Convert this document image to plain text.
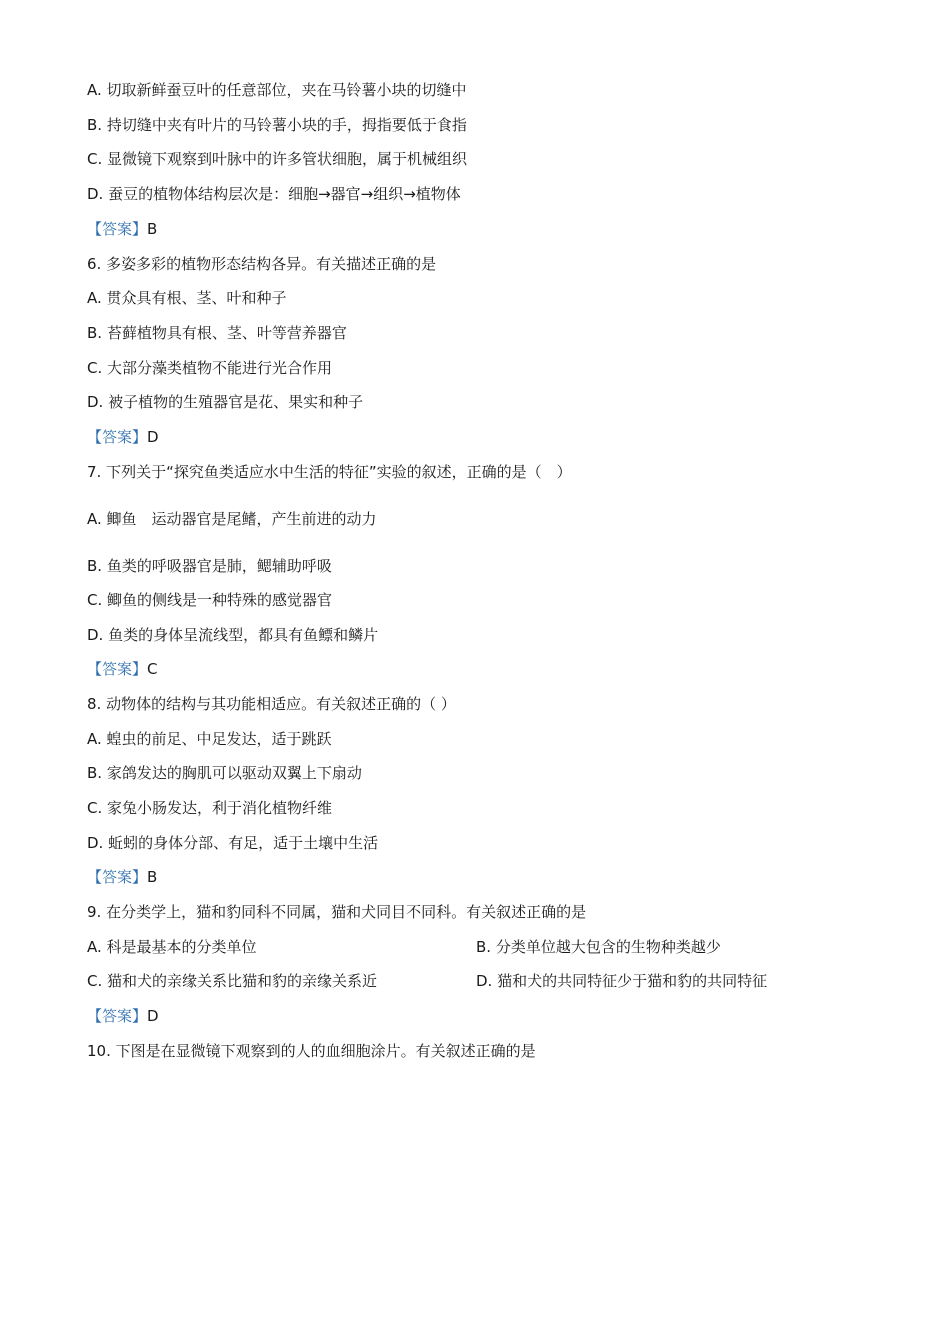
A. 切取新鲜蚕豆叶的任意部位，夹在马铃薯小块的切缝中
B. 持切缝中夹有叶片的马铃薯小块的手，拇指要低于食指
C. 显微镜下观察到叶脉中的许多管状细胞，属于机械组织
D. 蚕豆的植物体结构层次是：细胞→器官→组织→植物体
【答案】B
6. 多姿多彩的植物形态结构各异。有关描述正确的是
A. 贯众具有根、茎、叶和种子
B. 苔藓植物具有根、茎、叶等营养器官
C. 大部分藻类植物不能进行光合作用
D. 被子植物的生殖器官是花、果实和种子
【答案】D
7. 下列关于“探究鱼类适应水中生活的特征”实验的叙述，正确的是（　）
A. 鲫鱼　运动器官是尾鳍，产生前进的动力
B. 鱼类的呼吸器官是肺，鳃辅助呼吸
C. 鲫鱼的侧线是一种特殊的感觉器官
D. 鱼类的身体呈流线型，都具有鱼鳔和鳞片
【答案】C
8. 动物体的结构与其功能相适应。有关叙述正确的（ ）
A. 蝗虫的前足、中足发达，适于跳跃
B. 家鸽发达的胸肌可以驱动双翼上下扇动
C. 家兔小肠发达，利于消化植物纤维
D. 蚯蚓的身体分部、有足，适于土壤中生活
【答案】B
9. 在分类学上，猫和豹同科不同属，猫和犬同目不同科。有关叙述正确的是
A. 科是最基本的分类单位	B. 分类单位越大包含的生物种类越少
C. 猫和犬的亲缘关系比猫和豹的亲缘关系近	D. 猫和犬的共同特征少于猫和豹的共同特征
【答案】D
10. 下图是在显微镜下观察到的人的血细胞涂片。有关叙述正确的是
